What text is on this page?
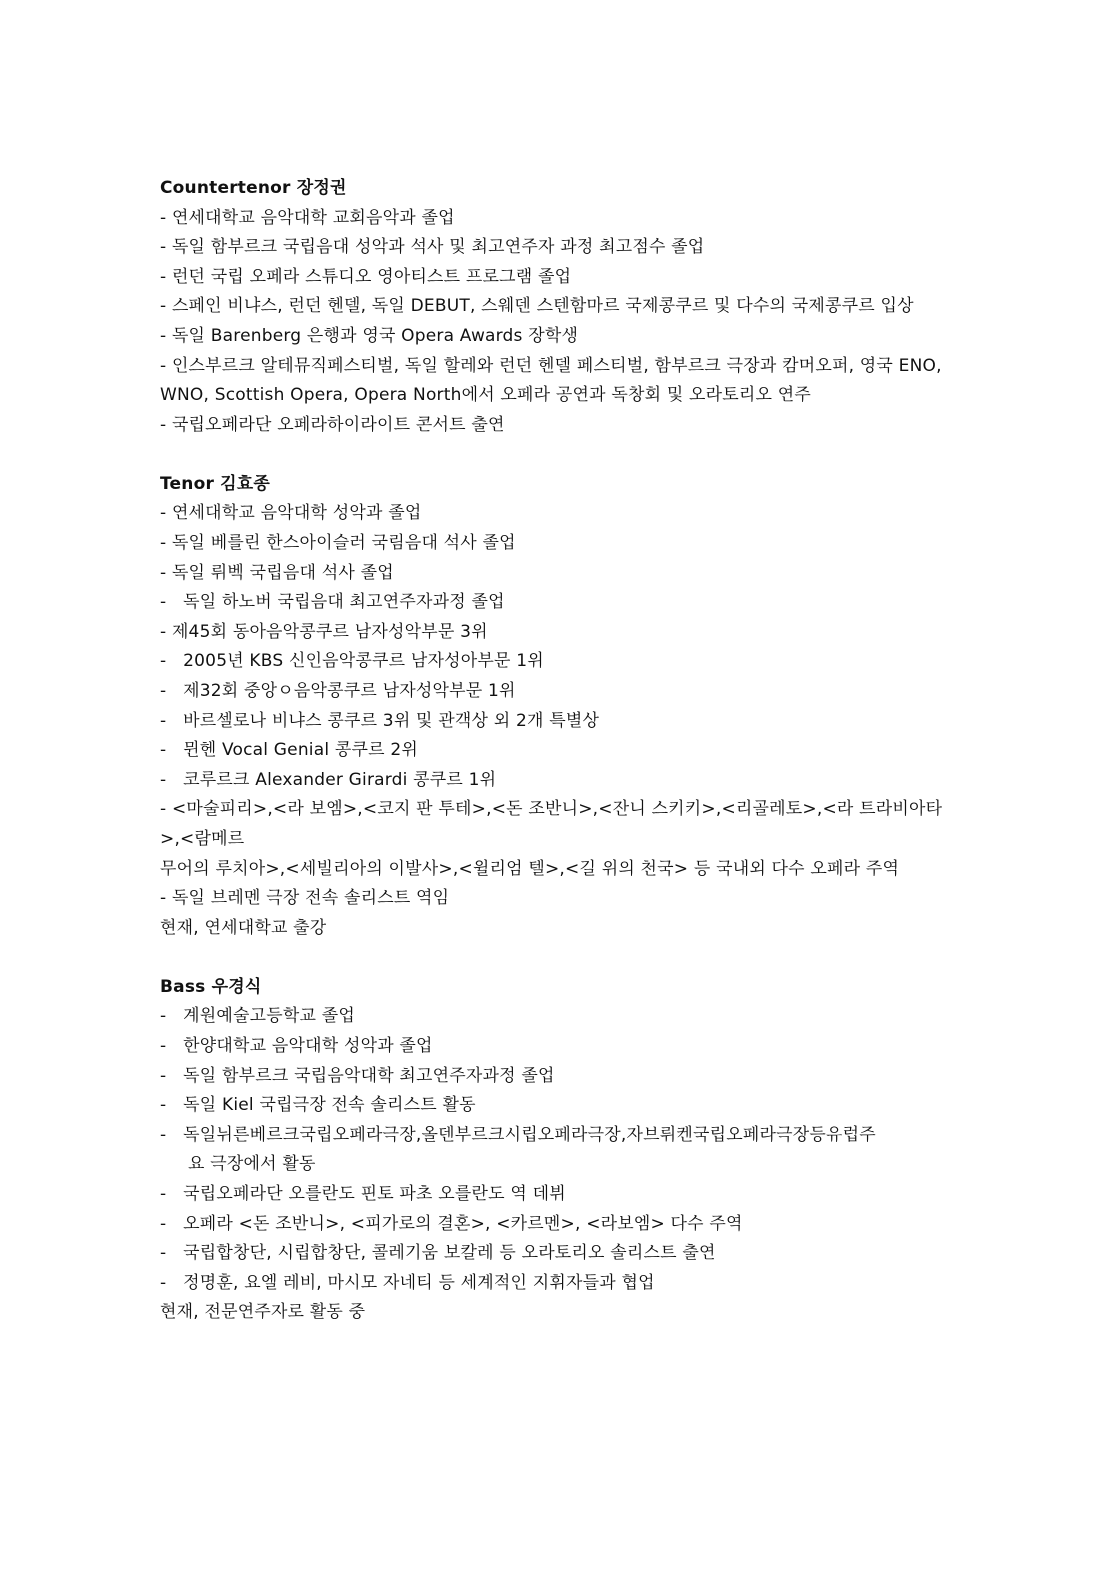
Countertenor 장정권
- 연세대학교 음악대학 교회음악과 졸업
- 독일 함부르크 국립음대 성악과 석사 및 최고연주자 과정 최고점수 졸업
- 런던 국립 오페라 스튜디오 영아티스트 프로그램 졸업
- 스페인 비냐스, 런던 헨델, 독일 DEBUT, 스웨덴 스텐함마르 국제콩쿠르 및 다수의 국제콩쿠르 입상
- 독일 Barenberg 은행과 영국 Opera Awards 장학생
- 인스부르크 알테뮤직페스티벌, 독일 할레와 런던 헨델 페스티벌, 함부르크 극장과 캄머오퍼, 영국 ENO,
WNO, Scottish Opera, Opera North에서 오페라 공연과 독창회 및 오라토리오 연주
- 국립오페라단 오페라하이라이트 콘서트 출연
Tenor 김효종
- 연세대학교 음악대학 성악과 졸업
- 독일 베를린 한스아이슬러 국림음대 석사 졸업
- 독일 뤼벡 국립음대 석사 졸업
-   독일 하노버 국립음대 최고연주자과정 졸업
- 제45회 동아음악콩쿠르 남자성악부문 3위
-   2005년 KBS 신인음악콩쿠르 남자성아부문 1위
-   제32회 중앙ㅇ음악콩쿠르 남자성악부문 1위
-   바르셀로나 비냐스 콩쿠르 3위 및 관객상 외 2개 특별상
-   뮌헨 Vocal Genial 콩쿠르 2위
-   코루르크 Alexander Girardi 콩쿠르 1위
- <마술피리>,<라 보엠>,<코지 판 투테>,<돈 조반니>,<잔니 스키키>,<리골레토>,<라 트라비아타>,<람메르
무어의 루치아>,<세빌리아의 이발사>,<윌리엄 텔>,<길 위의 천국> 등 국내외 다수 오페라 주역
- 독일 브레멘 극장 전속 솔리스트 역임
현재, 연세대학교 출강
Bass 우경식
-   계원예술고등학교 졸업
-   한양대학교 음악대학 성악과 졸업
-   독일 함부르크 국립음악대학 최고연주자과정 졸업
-   독일 Kiel 국립극장 전속 솔리스트 활동
-   독일뉘른베르크국립오페라극장,올덴부르크시립오페라극장,자브뤼켄국립오페라극장등유럽주
요 극장에서 활동
-   국립오페라단 오를란도 핀토 파초 오를란도 역 데뷔
-   오페라 <돈 조반니>, <피가로의 결혼>, <카르멘>, <라보엠> 다수 주역
-   국립합창단, 시립합창단, 콜레기움 보칼레 등 오라토리오 솔리스트 출연
-   정명훈, 요엘 레비, 마시모 자네티 등 세계적인 지휘자들과 협업
현재, 전문연주자로 활동 중
